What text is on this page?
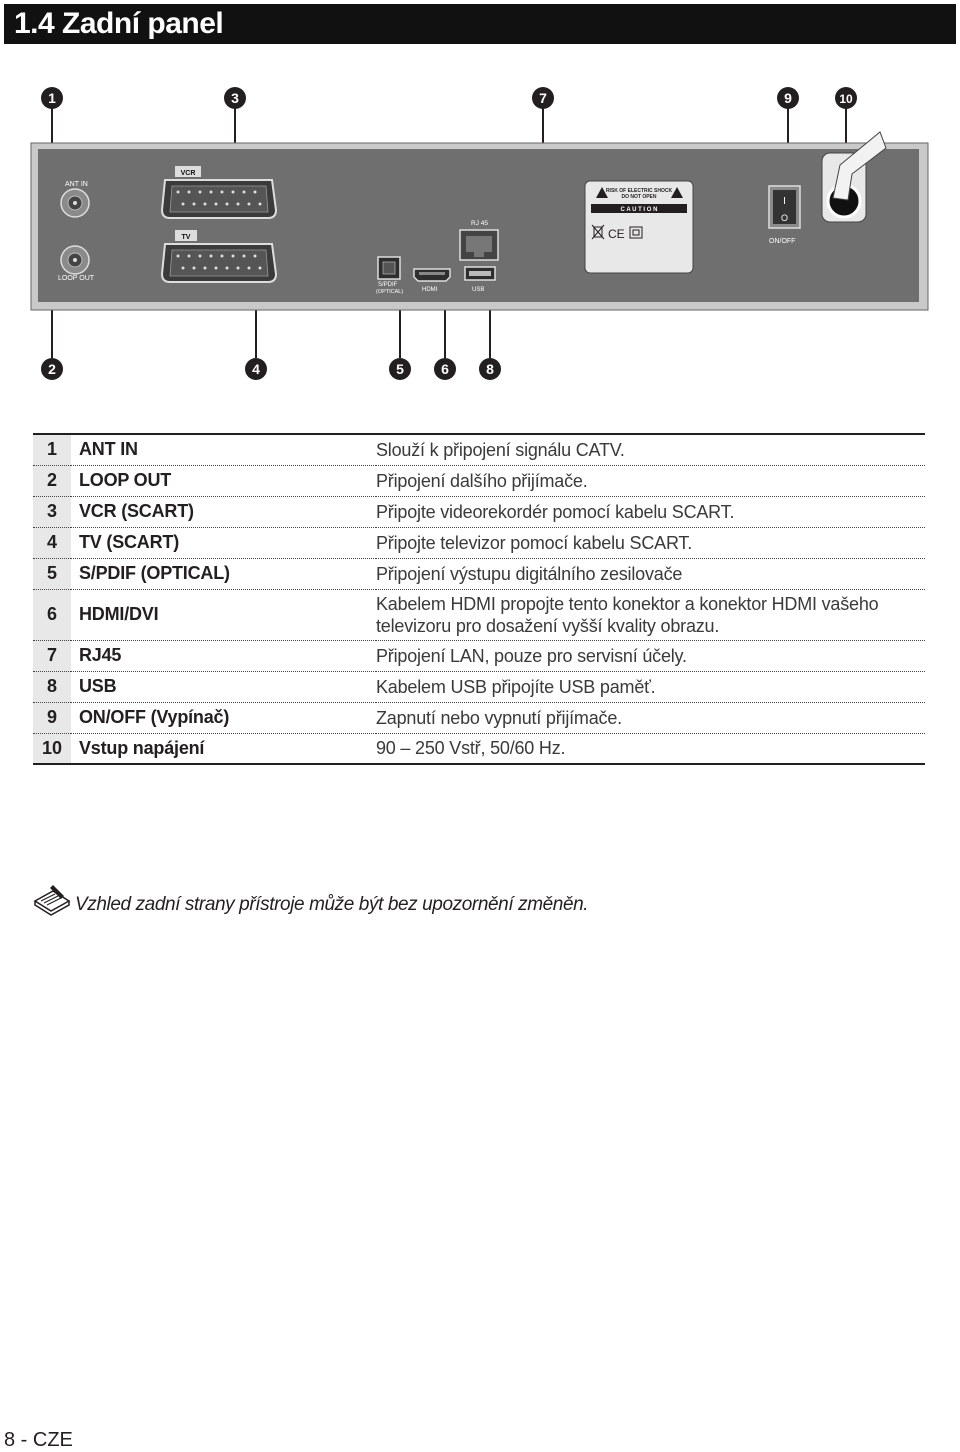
1.4 Zadní panel
1	3	7	9	10
2	4	5	6	8
ANT IN
LOOP OUT
VCR
TV
S/PDIF
(OPTICAL)	HDMI
RJ 45
USB
RISK OF ELECTRIC SHOCK
DO NOT OPEN
C A U T I O N
CE
I
O
ON/OFF
1	ANT IN	Slouží k připojení signálu CATV.
2	LOOP OUT	Připojení dalšího přijímače.
3	VCR (SCART)	Připojte videorekordér pomocí kabelu SCART.
4	TV (SCART)	Připojte televizor pomocí kabelu SCART.
5	S/PDIF (OPTICAL)	Připojení výstupu digitálního zesilovače
6	HDMI/DVI	Kabelem HDMI propojte tento konektor a konektor HDMI vašeho
televizoru pro dosažení vyšší kvality obrazu.

7	RJ45	Připojení LAN, pouze pro servisní účely.
8	USB	Kabelem USB připojíte USB paměť.
9	ON/OFF (Vypínač)	Zapnutí nebo vypnutí přijímače.
10	Vstup napájení	90 – 250 Vstř, 50/60 Hz.
Vzhled zadní strany přístroje může být bez upozornění změněn.
8 - CZE
